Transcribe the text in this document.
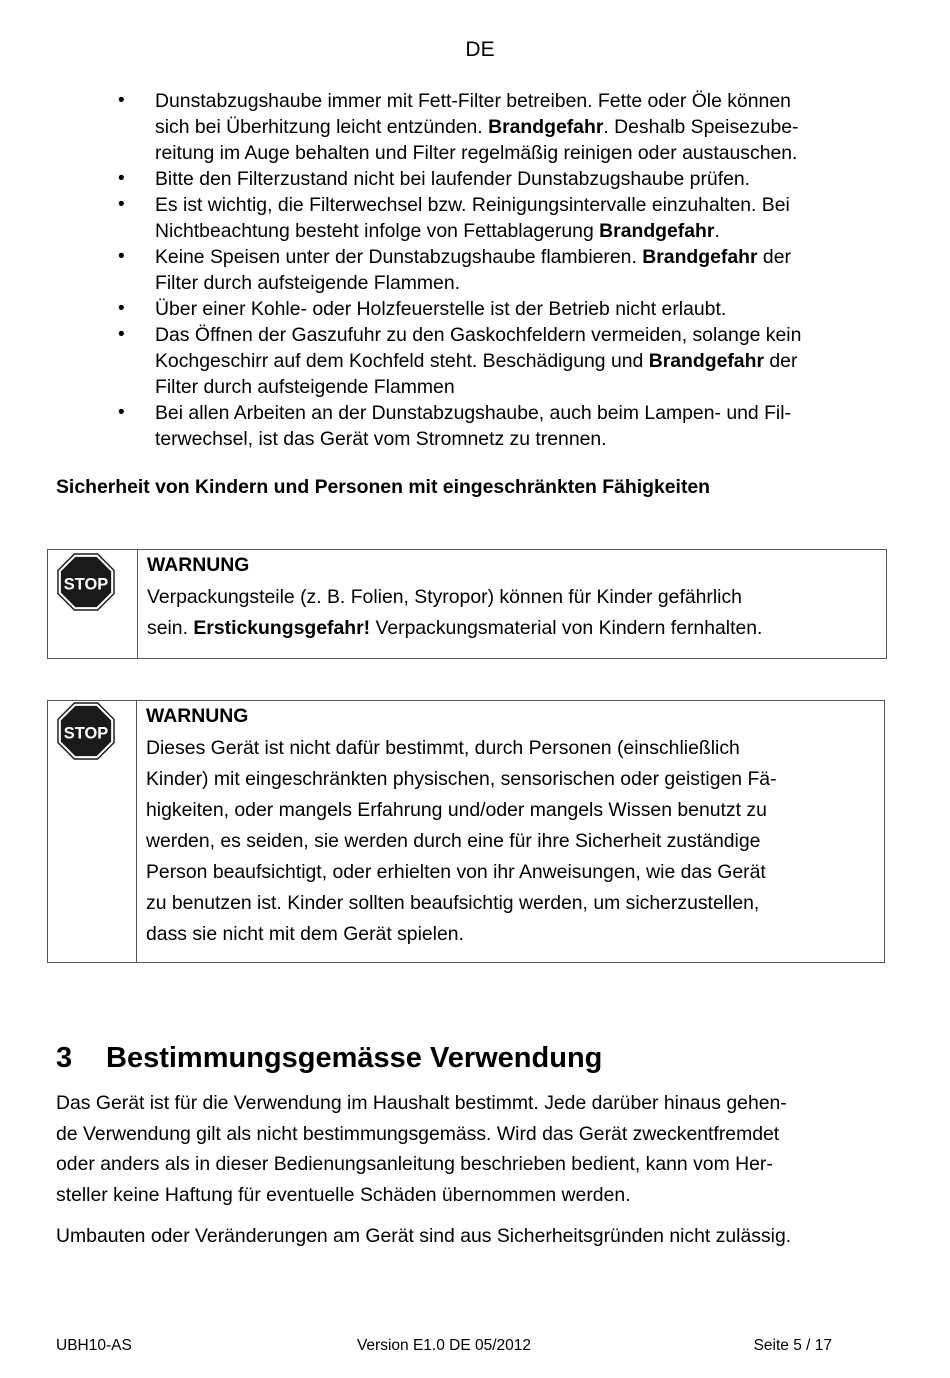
DE
• Dunstabzugshaube immer mit Fett-Filter betreiben. Fette oder Öle können
sich bei Überhitzung leicht entzünden. Brandgefahr. Deshalb Speisezube-
reitung im Auge behalten und Filter regelmäßig reinigen oder austauschen.
• Bitte den Filterzustand nicht bei laufender Dunstabzugshaube prüfen.
• Es ist wichtig, die Filterwechsel bzw. Reinigungsintervalle einzuhalten. Bei
Nichtbeachtung besteht infolge von Fettablagerung Brandgefahr.
• Keine Speisen unter der Dunstabzugshaube flambieren. Brandgefahr der
Filter durch aufsteigende Flammen.
• Über einer Kohle- oder Holzfeuerstelle ist der Betrieb nicht erlaubt.
• Das Öffnen der Gaszufuhr zu den Gaskochfeldern vermeiden, solange kein
Kochgeschirr auf dem Kochfeld steht. Beschädigung und Brandgefahr der
Filter durch aufsteigende Flammen
• Bei allen Arbeiten an der Dunstabzugshaube, auch beim Lampen- und Fil-
terwechsel, ist das Gerät vom Stromnetz zu trennen.
Sicherheit von Kindern und Personen mit eingeschränkten Fähigkeiten
STOP
WARNUNG
Verpackungsteile (z. B. Folien, Styropor) können für Kinder gefährlich
sein. Erstickungsgefahr! Verpackungsmaterial von Kindern fernhalten.
STOP
WARNUNG
Dieses Gerät ist nicht dafür bestimmt, durch Personen (einschließlich
Kinder) mit eingeschränkten physischen, sensorischen oder geistigen Fä-
higkeiten, oder mangels Erfahrung und/oder mangels Wissen benutzt zu
werden, es seiden, sie werden durch eine für ihre Sicherheit zuständige
Person beaufsichtigt, oder erhielten von ihr Anweisungen, wie das Gerät
zu benutzen ist. Kinder sollten beaufsichtig werden, um sicherzustellen,
dass sie nicht mit dem Gerät spielen.
3 Bestimmungsgemässe Verwendung
Das Gerät ist für die Verwendung im Haushalt bestimmt. Jede darüber hinaus gehen-
de Verwendung gilt als nicht bestimmungsgemäss. Wird das Gerät zweckentfremdet
oder anders als in dieser Bedienungsanleitung beschrieben bedient, kann vom Her-
steller keine Haftung für eventuelle Schäden übernommen werden.
Umbauten oder Veränderungen am Gerät sind aus Sicherheitsgründen nicht zulässig.
UBH10-AS	Version E1.0 DE 05/2012	Seite 5 / 17
